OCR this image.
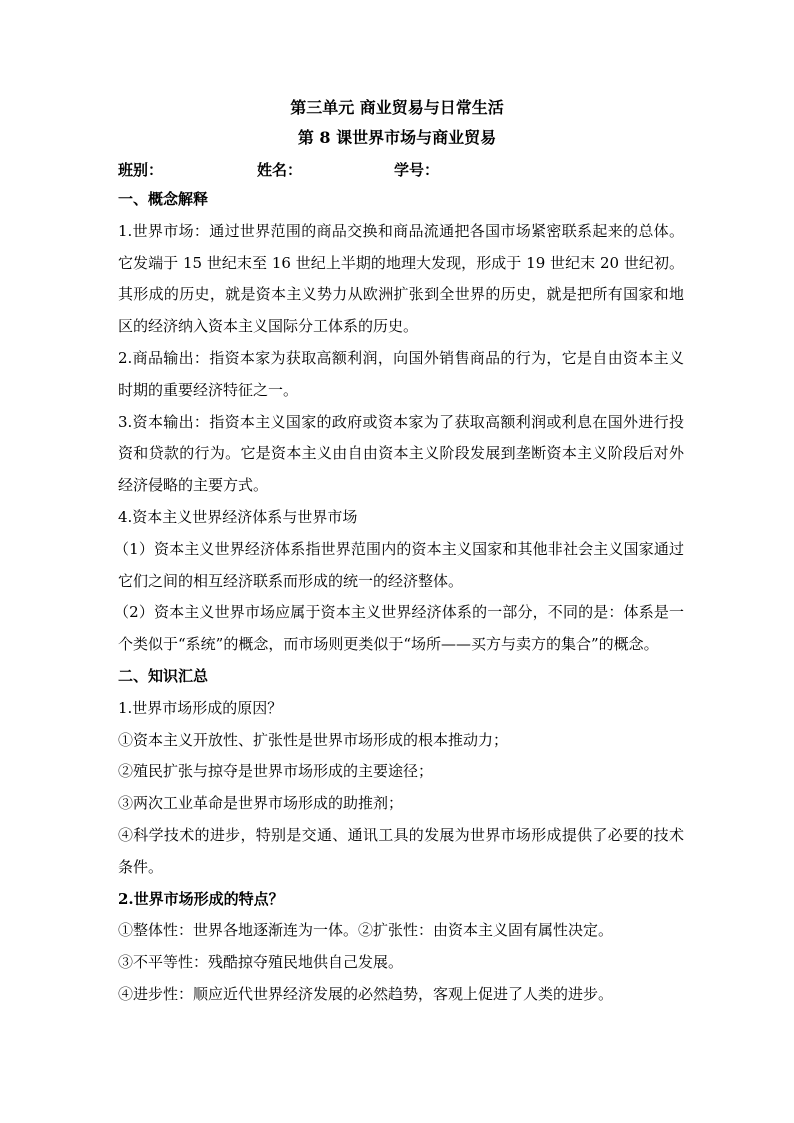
第三单元 商业贸易与日常生活
第 8 课世界市场与商业贸易
班别：	姓名：	学号：

一、概念解释

1.世界市场：通过世界范围的商品交换和商品流通把各国市场紧密联系起来的总体。它发端于 15 世纪末至 16 世纪上半期的地理大发现，形成于 19 世纪末 20 世纪初。其形成的历史，就是资本主义势力从欧洲扩张到全世界的历史，就是把所有国家和地区的经济纳入资本主义国际分工体系的历史。

2.商品输出：指资本家为获取高额利润，向国外销售商品的行为，它是自由资本主义时期的重要经济特征之一。

3.资本输出：指资本主义国家的政府或资本家为了获取高额利润或利息在国外进行投资和贷款的行为。它是资本主义由自由资本主义阶段发展到垄断资本主义阶段后对外经济侵略的主要方式。

4.资本主义世界经济体系与世界市场

（1）资本主义世界经济体系指世界范围内的资本主义国家和其他非社会主义国家通过它们之间的相互经济联系而形成的统一的经济整体。

（2）资本主义世界市场应属于资本主义世界经济体系的一部分，不同的是：体系是一个类似于“系统”的概念，而市场则更类似于“场所——买方与卖方的集合”的概念。

二、知识汇总

1.世界市场形成的原因？

①资本主义开放性、扩张性是世界市场形成的根本推动力；

②殖民扩张与掠夺是世界市场形成的主要途径；

③两次工业革命是世界市场形成的助推剂；

④科学技术的进步，特别是交通、通讯工具的发展为世界市场形成提供了必要的技术条件。

2.世界市场形成的特点？

①整体性：世界各地逐渐连为一体。②扩张性：由资本主义固有属性决定。

③不平等性：残酷掠夺殖民地供自己发展。

④进步性：顺应近代世界经济发展的必然趋势，客观上促进了人类的进步。
